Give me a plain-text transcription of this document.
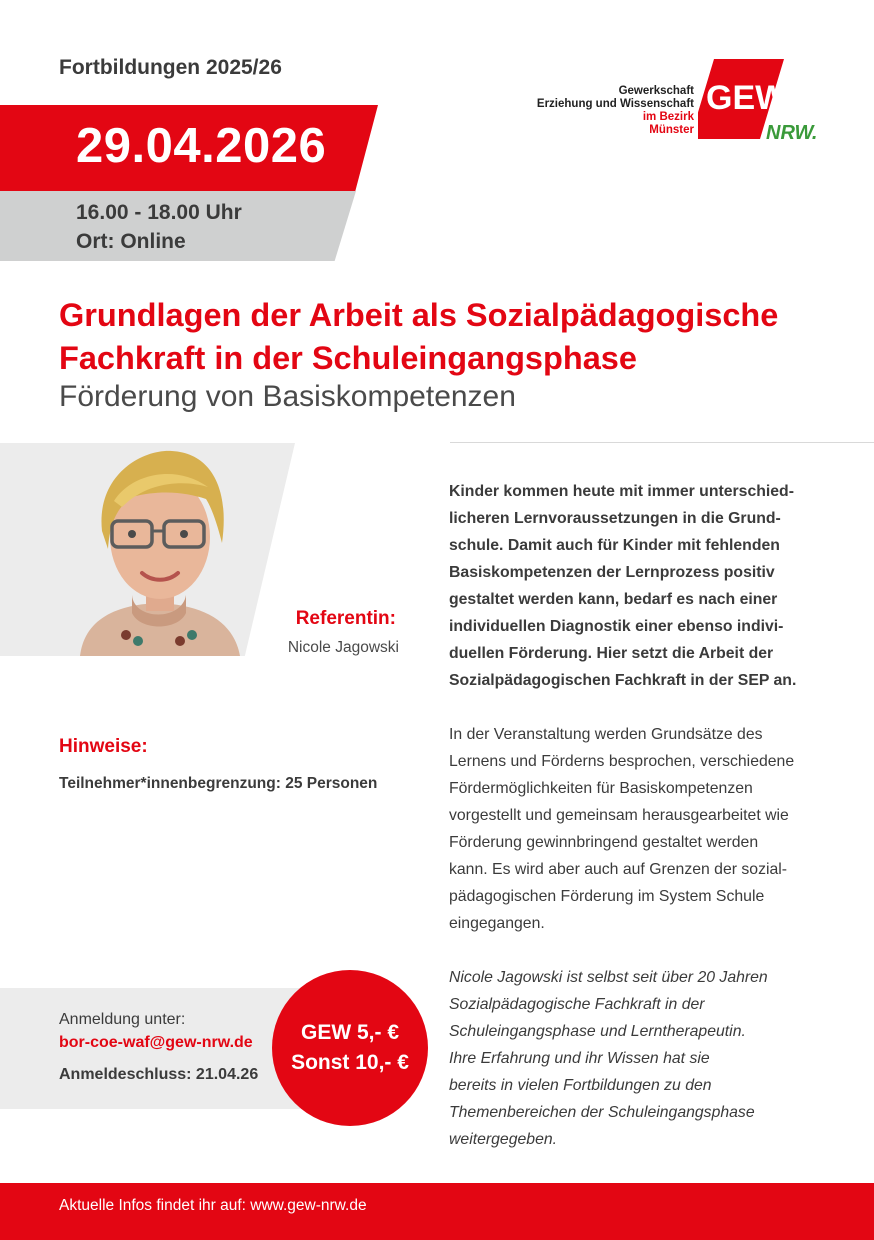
Fortbildungen 2025/26
Gewerkschaft
Erziehung und Wissenschaft
im Bezirk
Münster
GEW
NRW.
29.04.2026
16.00 - 18.00 Uhr
Ort: Online
Grundlagen der Arbeit als Sozialpädagogische
Fachkraft in der Schuleingangsphase
Förderung von Basiskompetenzen
Referentin:
Nicole Jagowski
Hinweise:
Teilnehmer*innenbegrenzung: 25 Personen
Anmeldung unter:
bor-coe-waf@gew-nrw.de
Anmeldeschluss: 21.04.26
GEW 5,- €
Sonst 10,- €

Kinder kommen heute mit immer unterschied-

licheren Lernvoraussetzungen in die Grund-

schule. Damit auch für Kinder mit fehlenden

Basiskompetenzen der Lernprozess positiv

gestaltet werden kann, bedarf es nach einer

individuellen Diagnostik einer ebenso indivi-

duellen Förderung. Hier setzt die Arbeit der

Sozialpädagogischen Fachkraft in der SEP an.

In der Veranstaltung werden Grundsätze des

Lernens und Förderns besprochen, verschiedene

Fördermöglichkeiten für Basiskompetenzen

vorgestellt und gemeinsam herausgearbeitet wie

Förderung gewinnbringend gestaltet werden

kann. Es wird aber auch auf Grenzen der sozial-

pädagogischen Förderung im System Schule

eingegangen.

Nicole Jagowski ist selbst seit über 20 Jahren

Sozialpädagogische Fachkraft in der

Schuleingangsphase und Lerntherapeutin.

Ihre Erfahrung und ihr Wissen hat sie

bereits in vielen Fortbildungen zu den

Themenbereichen der Schuleingangsphase

weitergegeben.

Aktuelle Infos findet ihr auf: www.gew-nrw.de
